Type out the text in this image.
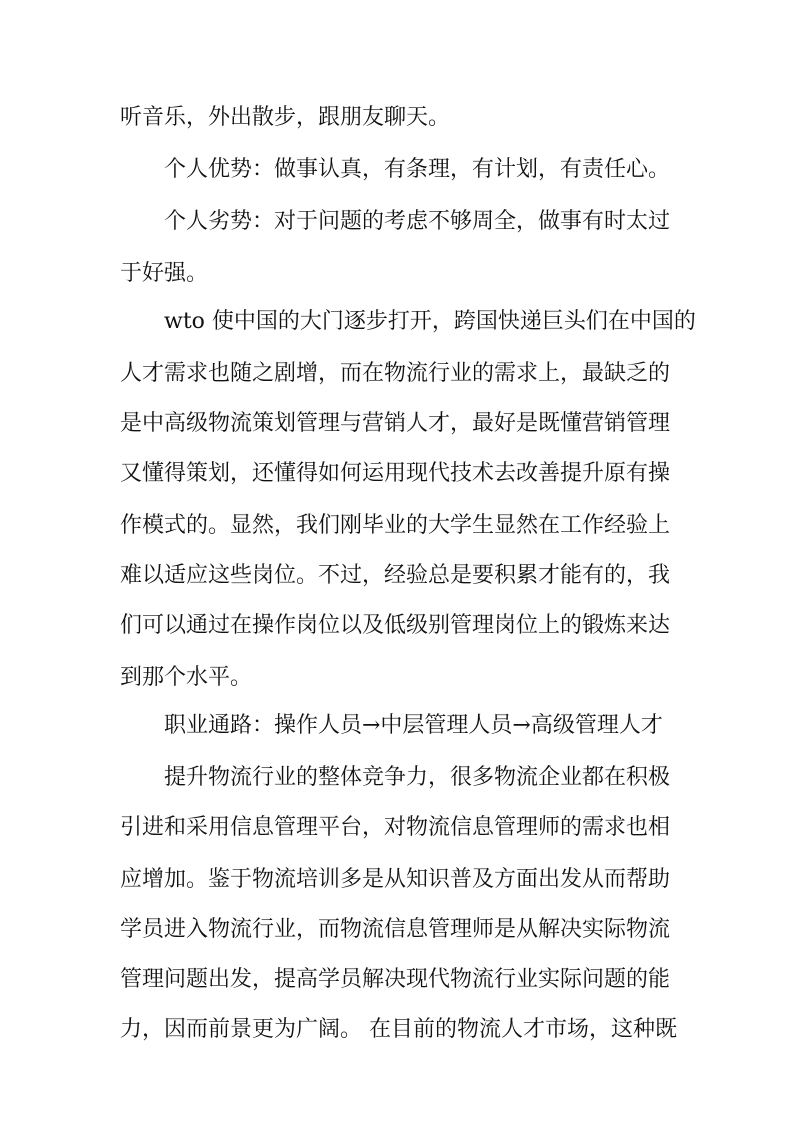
听音乐，外出散步，跟朋友聊天。
个人优势：做事认真，有条理，有计划，有责任心。
个人劣势：对于问题的考虑不够周全，做事有时太过
于好强。
wto 使中国的大门逐步打开，跨国快递巨头们在中国的
人才需求也随之剧增，而在物流行业的需求上，最缺乏的
是中高级物流策划管理与营销人才，最好是既懂营销管理
又懂得策划，还懂得如何运用现代技术去改善提升原有操
作模式的。显然，我们刚毕业的大学生显然在工作经验上
难以适应这些岗位。不过，经验总是要积累才能有的，我
们可以通过在操作岗位以及低级别管理岗位上的锻炼来达
到那个水平。
职业通路：操作人员→中层管理人员→高级管理人才
提升物流行业的整体竞争力，很多物流企业都在积极
引进和采用信息管理平台，对物流信息管理师的需求也相
应增加。鉴于物流培训多是从知识普及方面出发从而帮助
学员进入物流行业，而物流信息管理师是从解决实际物流
管理问题出发，提高学员解决现代物流行业实际问题的能
力，因而前景更为广阔。 在目前的物流人才市场，这种既
